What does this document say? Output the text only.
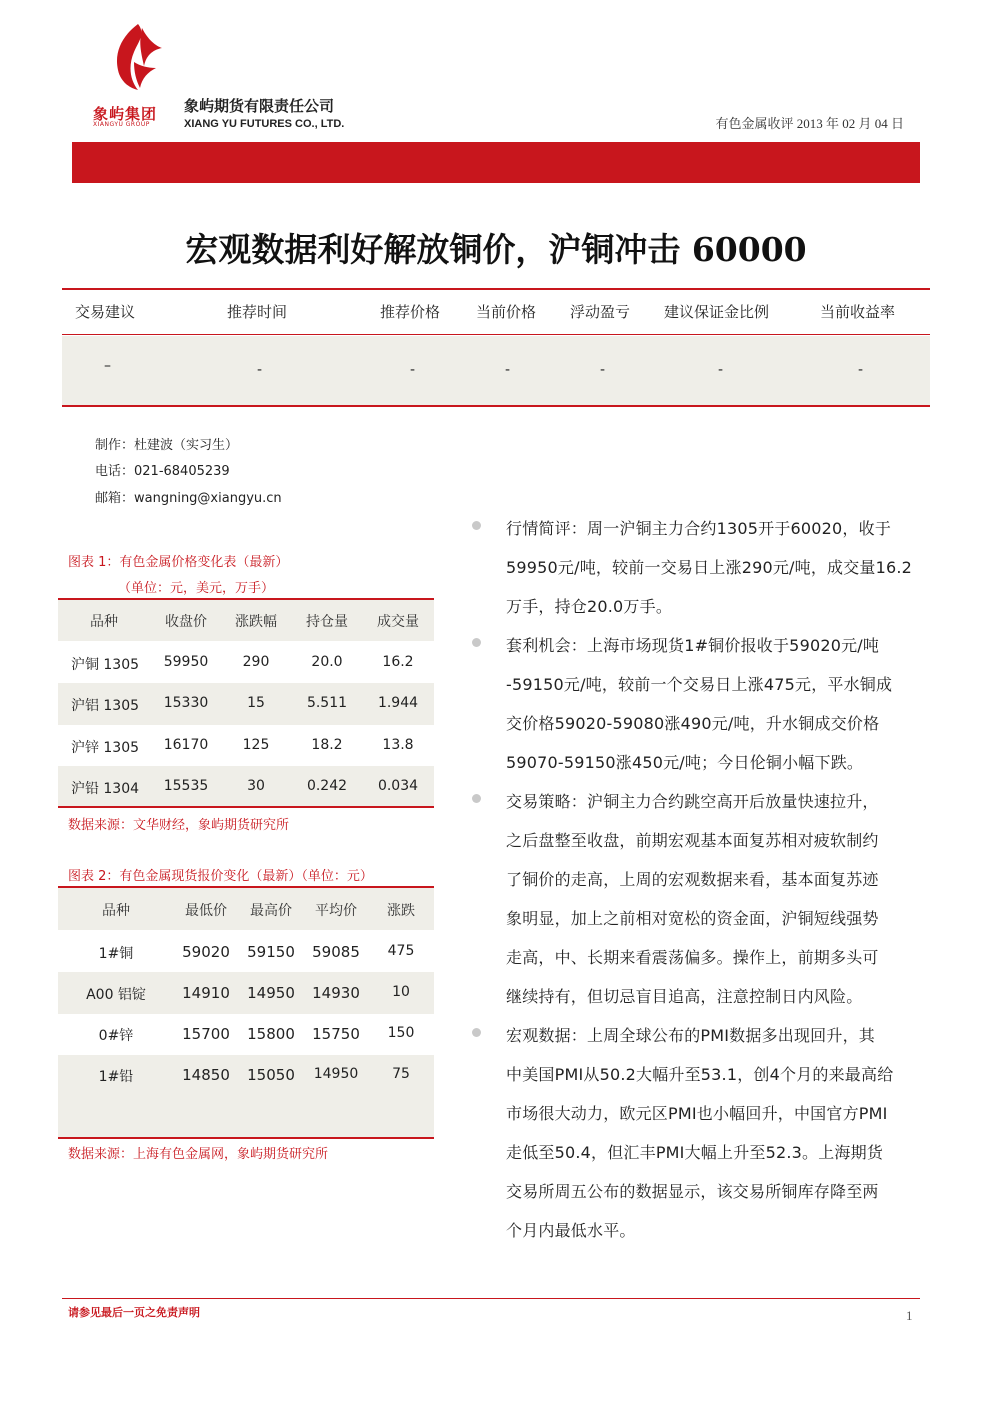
象屿集团
XIANGYU GROUP
象屿期货有限责任公司
XIANG YU FUTURES CO., LTD.	有色金属收评 2013 年 02 月 04 日
宏观数据利好解放铜价，沪铜冲击 60000
交易建议	推荐时间	推荐价格 当前价格 浮动盈亏 建议保证金比例	当前收益率
–	-	-	-	-	-	-
制作：杜建波（实习生）
电话：021-68405239
邮箱：wangning@xiangyu.cn
图表 1：有色金属价格变化表（最新）
（单位：元，美元，万手）
品种	收盘价	涨跌幅	持仓量	成交量
沪铜 1305	59950	290	20.0	16.2
沪铝 1305	15330	15	5.511	1.944
沪锌 1305	16170	125	18.2	13.8
沪铅 1304	15535	30	0.242	0.034
数据来源：文华财经，象屿期货研究所
图表 2：有色金属现货报价变化（最新）（单位：元）
品种	最低价	最高价	平均价	涨跌
1#铜	59020	59150	59085	475
A00 铝锭	14910	14950	14930	10
0#锌	15700	15800	15750	150
1#铅	14850	15050	14950	75
数据来源：上海有色金属网，象屿期货研究所
行情简评：周一沪铜主力合约1305开于60020，收于
59950元/吨，较前一交易日上涨290元/吨，成交量16.2
万手，持仓20.0万手。
套利机会：上海市场现货1#铜价报收于59020元/吨
-59150元/吨，较前一个交易日上涨475元，平水铜成
交价格59020-59080涨490元/吨，升水铜成交价格
59070-59150涨450元/吨；今日伦铜小幅下跌。
交易策略：沪铜主力合约跳空高开后放量快速拉升，
之后盘整至收盘，前期宏观基本面复苏相对疲软制约
了铜价的走高，上周的宏观数据来看，基本面复苏迹
象明显，加上之前相对宽松的资金面，沪铜短线强势
走高，中、长期来看震荡偏多。操作上，前期多头可
继续持有，但切忌盲目追高，注意控制日内风险。
宏观数据：上周全球公布的PMI数据多出现回升，其
中美国PMI从50.2大幅升至53.1，创4个月的来最高给
市场很大动力，欧元区PMI也小幅回升，中国官方PMI
走低至50.4，但汇丰PMI大幅上升至52.3。上海期货
交易所周五公布的数据显示，该交易所铜库存降至两
个月内最低水平。
请参见最后一页之免责声明	1
